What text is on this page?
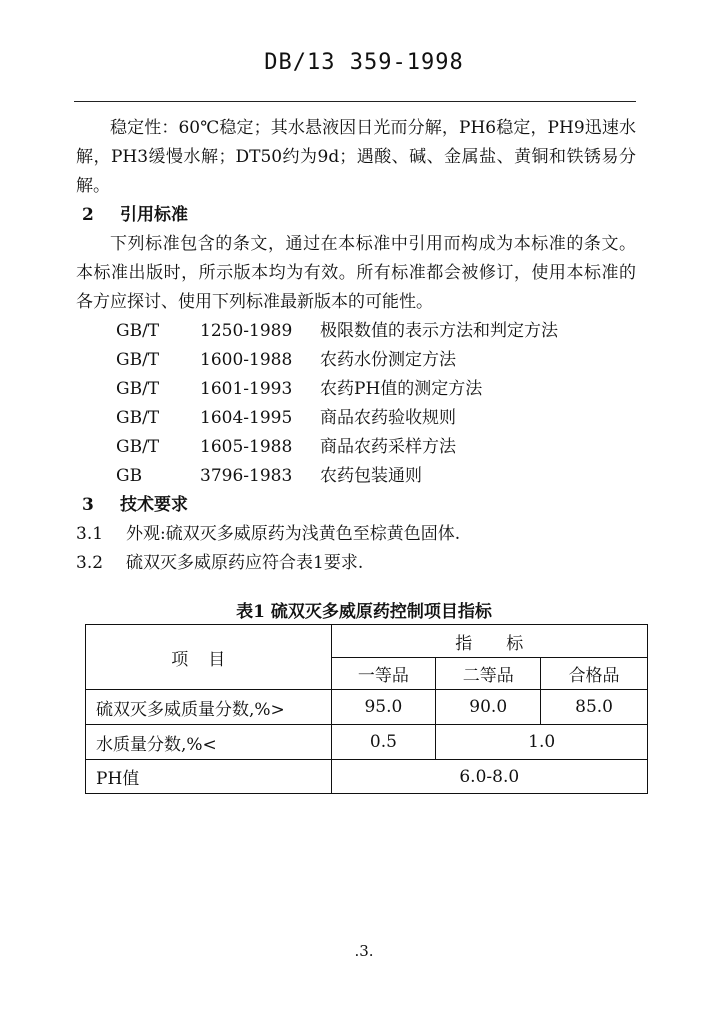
DB/13 359-1998

稳定性：60℃稳定；其水悬液因日光而分解，PH6稳定，PH9迅速水解，PH3缓慢水解；DT50约为9d；遇酸、碱、金属盐、黄铜和铁锈易分解。

2 引用标准

下列标准包含的条文，通过在本标准中引用而构成为本标准的条文。本标准出版时，所示版本均为有效。所有标准都会被修订，使用本标准的各方应探讨、使用下列标准最新版本的可能性。

GB/T	1250-1989	极限数值的表示方法和判定方法

GB/T	1600-1988	农药水份测定方法

GB/T	1601-1993	农药PH值的测定方法

GB/T	1604-1995	商品农药验收规则

GB/T	1605-1988	商品农药采样方法

GB	3796-1983	农药包装通则

3 技术要求

3.1 外观:硫双灭多威原药为浅黄色至棕黄色固体.

3.2 硫双灭多威原药应符合表1要求.

表1 硫双灭多威原药控制项目指标
项目	指　　标		
	一等品	二等品	合格品
硫双灭多威质量分数,%>	95.0	90.0	85.0
水质量分数,%<	0.5	1.0	
PH值	6.0-8.0		
.3.
